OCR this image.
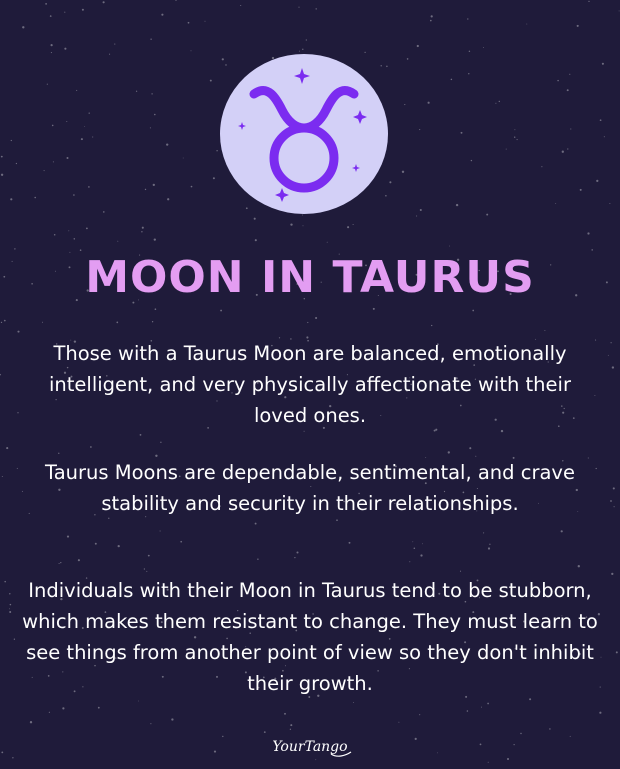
MOON IN TAURUS
Those with a Taurus Moon are balanced, emotionally intelligent, and very physically affectionate with their loved ones.
Taurus Moons are dependable, sentimental, and crave stability and security in their relationships.
Individuals with their Moon in Taurus tend to be stubborn, which makes them resistant to change. They must learn to see things from another point of view so they don't inhibit their growth.
YourTango
